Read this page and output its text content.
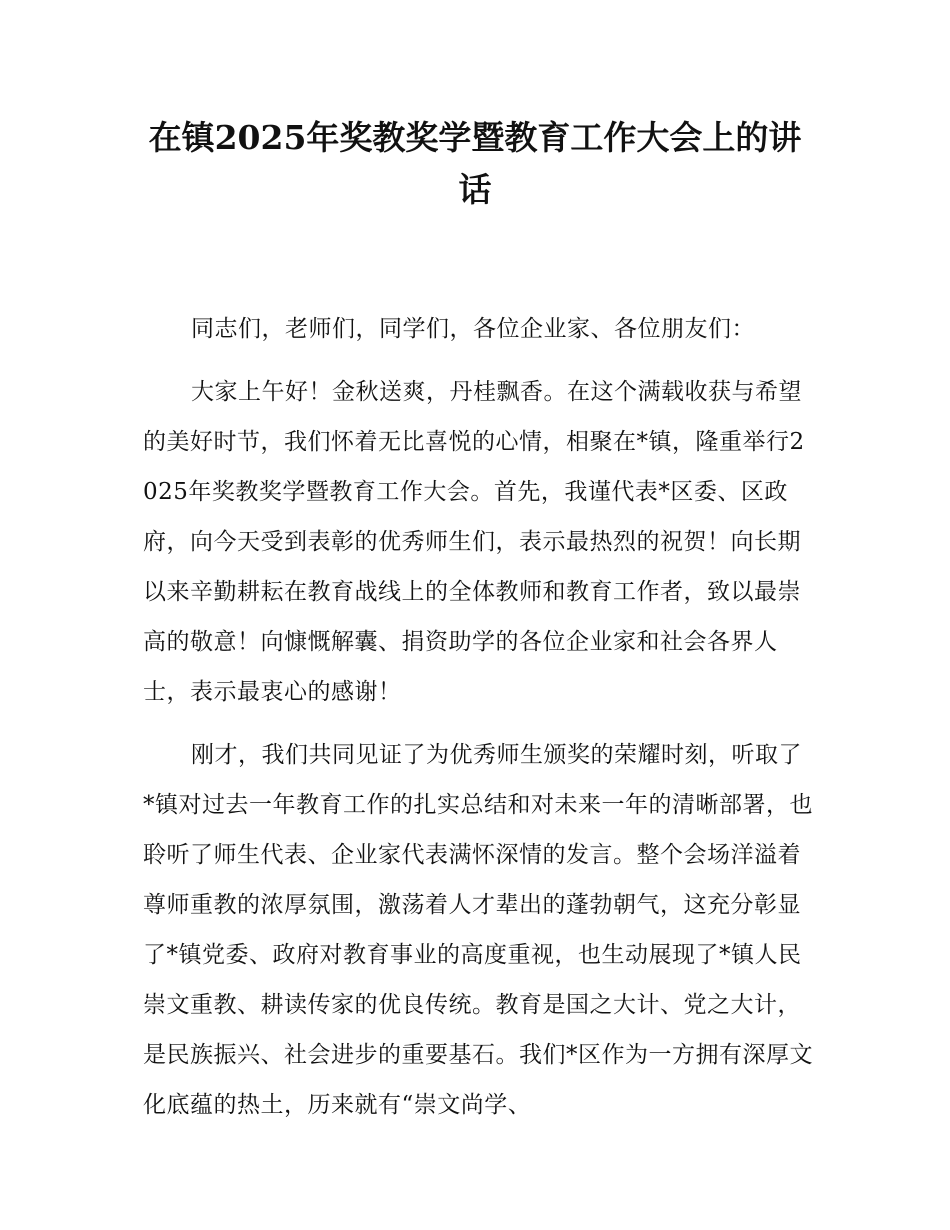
在镇2025年奖教奖学暨教育工作大会上的讲话

同志们，老师们，同学们，各位企业家、各位朋友们：

大家上午好！金秋送爽，丹桂飘香。在这个满载收获与希望的美好时节，我们怀着无比喜悦的心情，相聚在*镇，隆重举行2025年奖教奖学暨教育工作大会。首先，我谨代表*区委、区政府，向今天受到表彰的优秀师生们，表示最热烈的祝贺！向长期以来辛勤耕耘在教育战线上的全体教师和教育工作者，致以最崇高的敬意！向慷慨解囊、捐资助学的各位企业家和社会各界人士，表示最衷心的感谢！

刚才，我们共同见证了为优秀师生颁奖的荣耀时刻，听取了*镇对过去一年教育工作的扎实总结和对未来一年的清晰部署，也聆听了师生代表、企业家代表满怀深情的发言。整个会场洋溢着尊师重教的浓厚氛围，激荡着人才辈出的蓬勃朝气，这充分彰显了*镇党委、政府对教育事业的高度重视，也生动展现了*镇人民崇文重教、耕读传家的优良传统。教育是国之大计、党之大计，是民族振兴、社会进步的重要基石。我们*区作为一方拥有深厚文化底蕴的热土，历来就有“崇文尚学、
